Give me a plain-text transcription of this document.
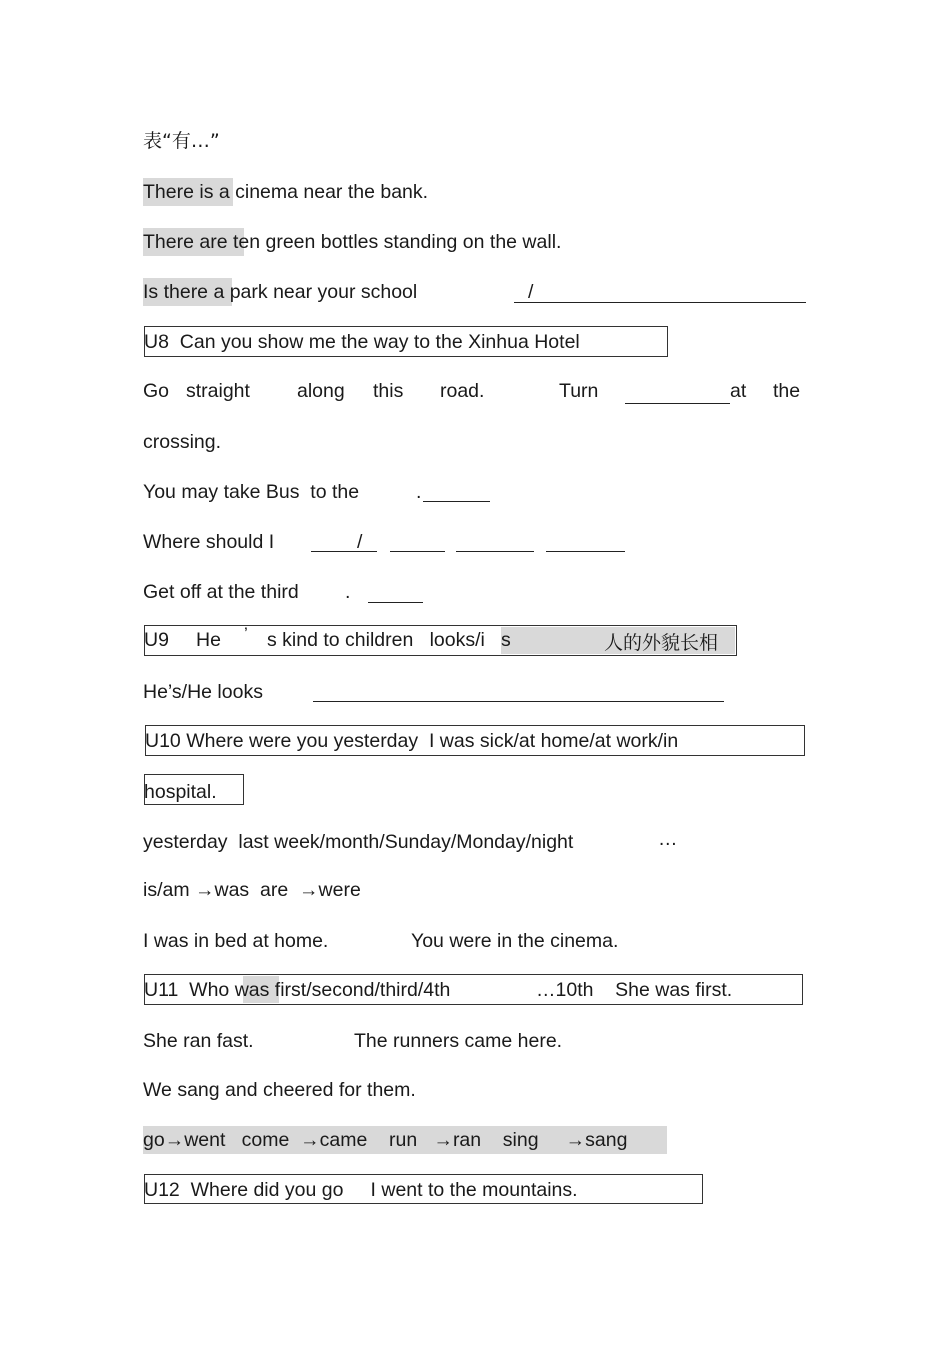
表“有…”
There is a cinema near the bank.
There are ten green bottles standing on the wall.
Is there a park near your school	/
U8  Can you show me the way to the Xinhua Hotel
Go straight along this road.	Turn	at the
crossing.
You may take Bus  to the	.
Where should I	/
Get off at the third .
U9     He ’ s kind to children   looks/i s	人的外貌长相
He’s/He looks
U10 Where were you yesterday  I was sick/at home/at work/in
hospital.
yesterday  last week/month/Sunday/Monday/night	…
is/am →was  are  →were
I was in bed at home.	You were in the cinema.
U11  Who was first/second/third/4th	…10th    She was first.
She ran fast.	The runners came here.
We sang and cheered for them.
go→went   come  →came    run   →ran    sing     →sang
U12  Where did you go     I went to the mountains.
